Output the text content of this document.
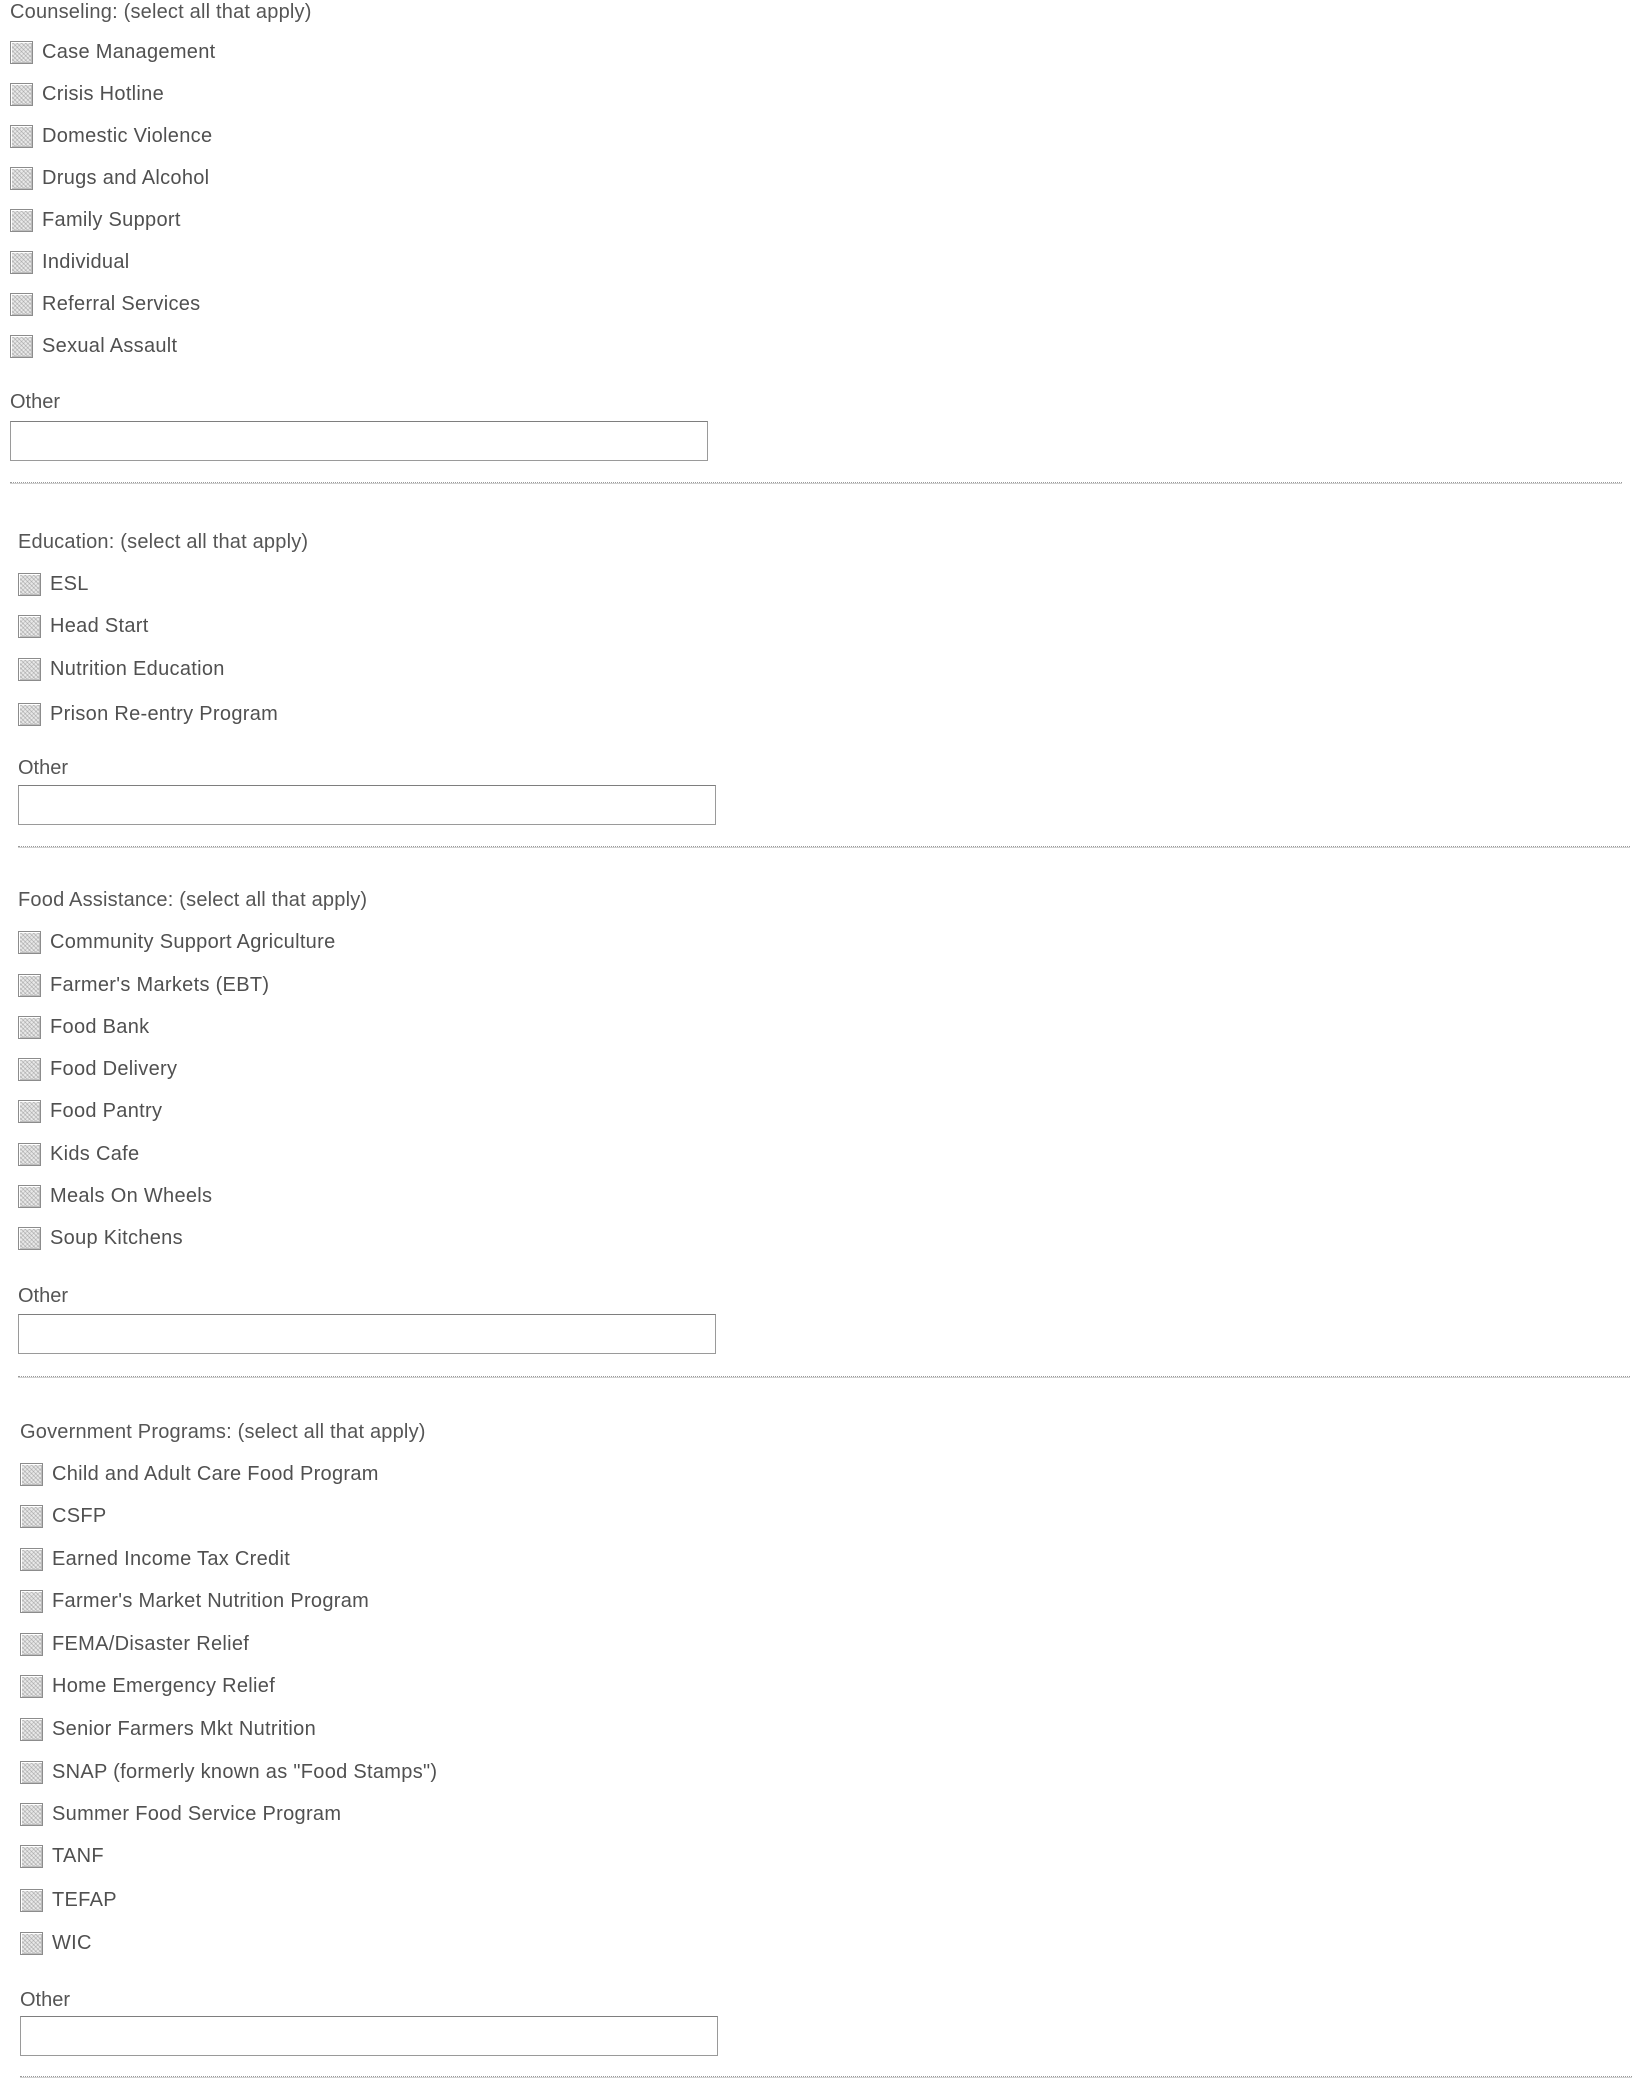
Counseling: (select all that apply)
Case Management
Crisis Hotline
Domestic Violence
Drugs and Alcohol
Family Support
Individual
Referral Services
Sexual Assault
Other
Education: (select all that apply)
ESL
Head Start
Nutrition Education
Prison Re-entry Program
Other
Food Assistance: (select all that apply)
Community Support Agriculture
Farmer's Markets (EBT)
Food Bank
Food Delivery
Food Pantry
Kids Cafe
Meals On Wheels
Soup Kitchens
Other
Government Programs: (select all that apply)
Child and Adult Care Food Program
CSFP
Earned Income Tax Credit
Farmer's Market Nutrition Program
FEMA/Disaster Relief
Home Emergency Relief
Senior Farmers Mkt Nutrition
SNAP (formerly known as "Food Stamps")
Summer Food Service Program
TANF
TEFAP
WIC
Other
